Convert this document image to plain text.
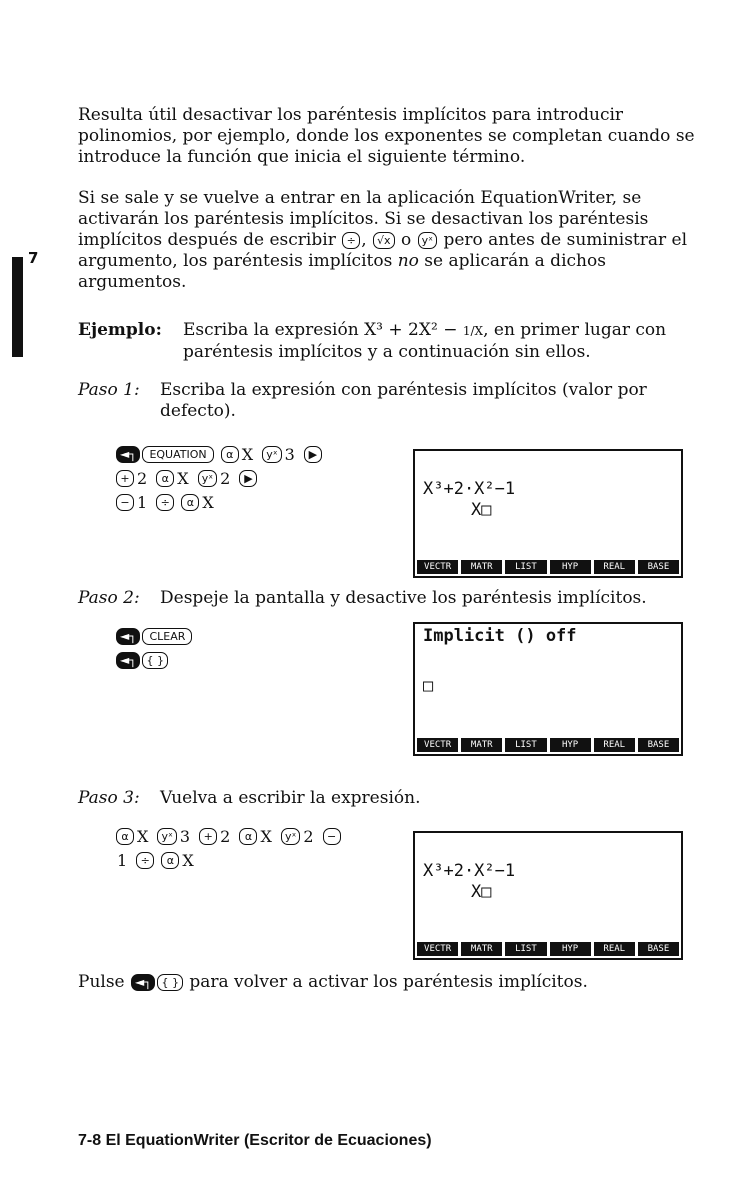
Resulta útil desactivar los paréntesis implícitos para introducir polinomios, por ejemplo, donde los exponentes se completan cuando se introduce la función que inicia el siguiente término.
Si se sale y se vuelve a entrar en la aplicación EquationWriter, se activarán los paréntesis implícitos. Si se desactivan los paréntesis implícitos después de escribir ÷ , √x o yˣ pero antes de suministrar el argumento, los paréntesis implícitos no se aplicarán a dichos argumentos.
7
Ejemplo: Escriba la expresión X³ + 2X² − 1/X, en primer lugar con paréntesis implícitos y a continuación sin ellos.
Paso 1: Escriba la expresión con paréntesis implícitos (valor por defecto).
◄┐ EQUATION α X yˣ 3 ▶
+ 2 α X yˣ 2 ▶
− 1 ÷ α X
X³+2·X²−1
X□
VECTR	MATR	LIST	HYP	REAL	BASE
Paso 2: Despeje la pantalla y desactive los paréntesis implícitos.
◄┐ CLEAR
◄┐ { }
Implicit () off
□
VECTR	MATR	LIST	HYP	REAL	BASE
Paso 3: Vuelva a escribir la expresión.
α X yˣ 3 + 2 α X yˣ 2 −
1 ÷ α X
X³+2·X²−1
X□
VECTR	MATR	LIST	HYP	REAL	BASE
Pulse ◄┐ { } para volver a activar los paréntesis implícitos.
7-8 El EquationWriter (Escritor de Ecuaciones)
